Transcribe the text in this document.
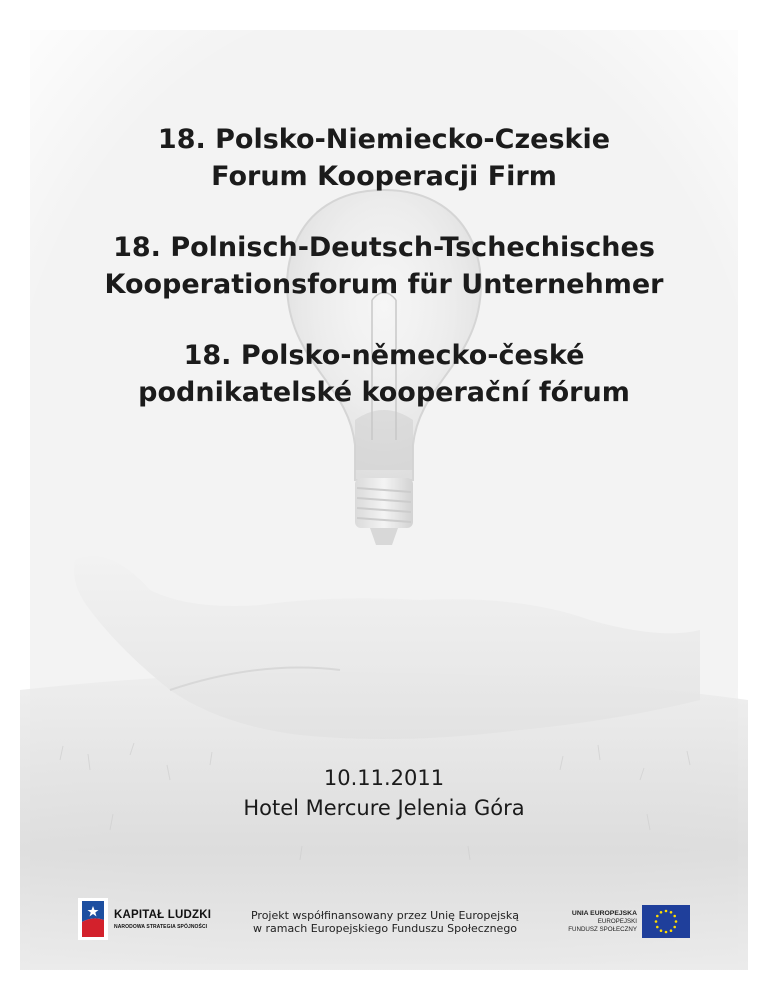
18. Polsko-Niemiecko-Czeskie
Forum Kooperacji Firm
18. Polnisch-Deutsch-Tschechisches
Kooperationsforum für Unternehmer
18. Polsko-německo-české
podnikatelské kooperační fórum
10.11.2011
Hotel Mercure Jelenia Góra
KAPITAŁ LUDZKI
NARODOWA STRATEGIA SPÓJNOŚCI
Projekt współfinansowany przez Unię Europejską
w ramach Europejskiego Funduszu Społecznego
UNIA EUROPEJSKA
EUROPEJSKI
FUNDUSZ SPOŁECZNY
